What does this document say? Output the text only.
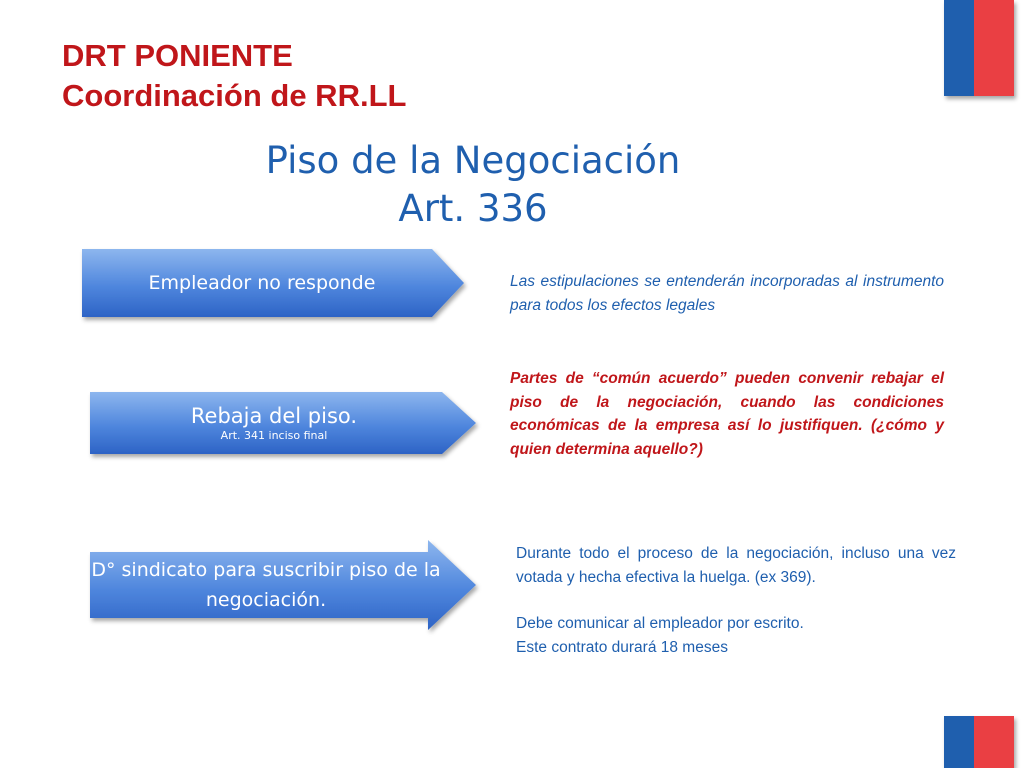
DRT PONIENTE
Coordinación de RR.LL
Piso de la Negociación
Art. 336
Empleador no responde	Las estipulaciones se entenderán incorporadas al instrumento para todos los efectos legales
Rebaja del piso.
Art. 341 inciso final
Partes de “común acuerdo” pueden convenir rebajar el piso de la negociación, cuando las condiciones económicas de la empresa así lo justifiquen. (¿cómo y quien determina aquello?)
D° sindicato para suscribir piso de la negociación.

Durante todo el proceso de la negociación, incluso una vez votada y hecha efectiva la huelga. (ex 369).

Debe comunicar al empleador por escrito.

Este contrato durará 18 meses
